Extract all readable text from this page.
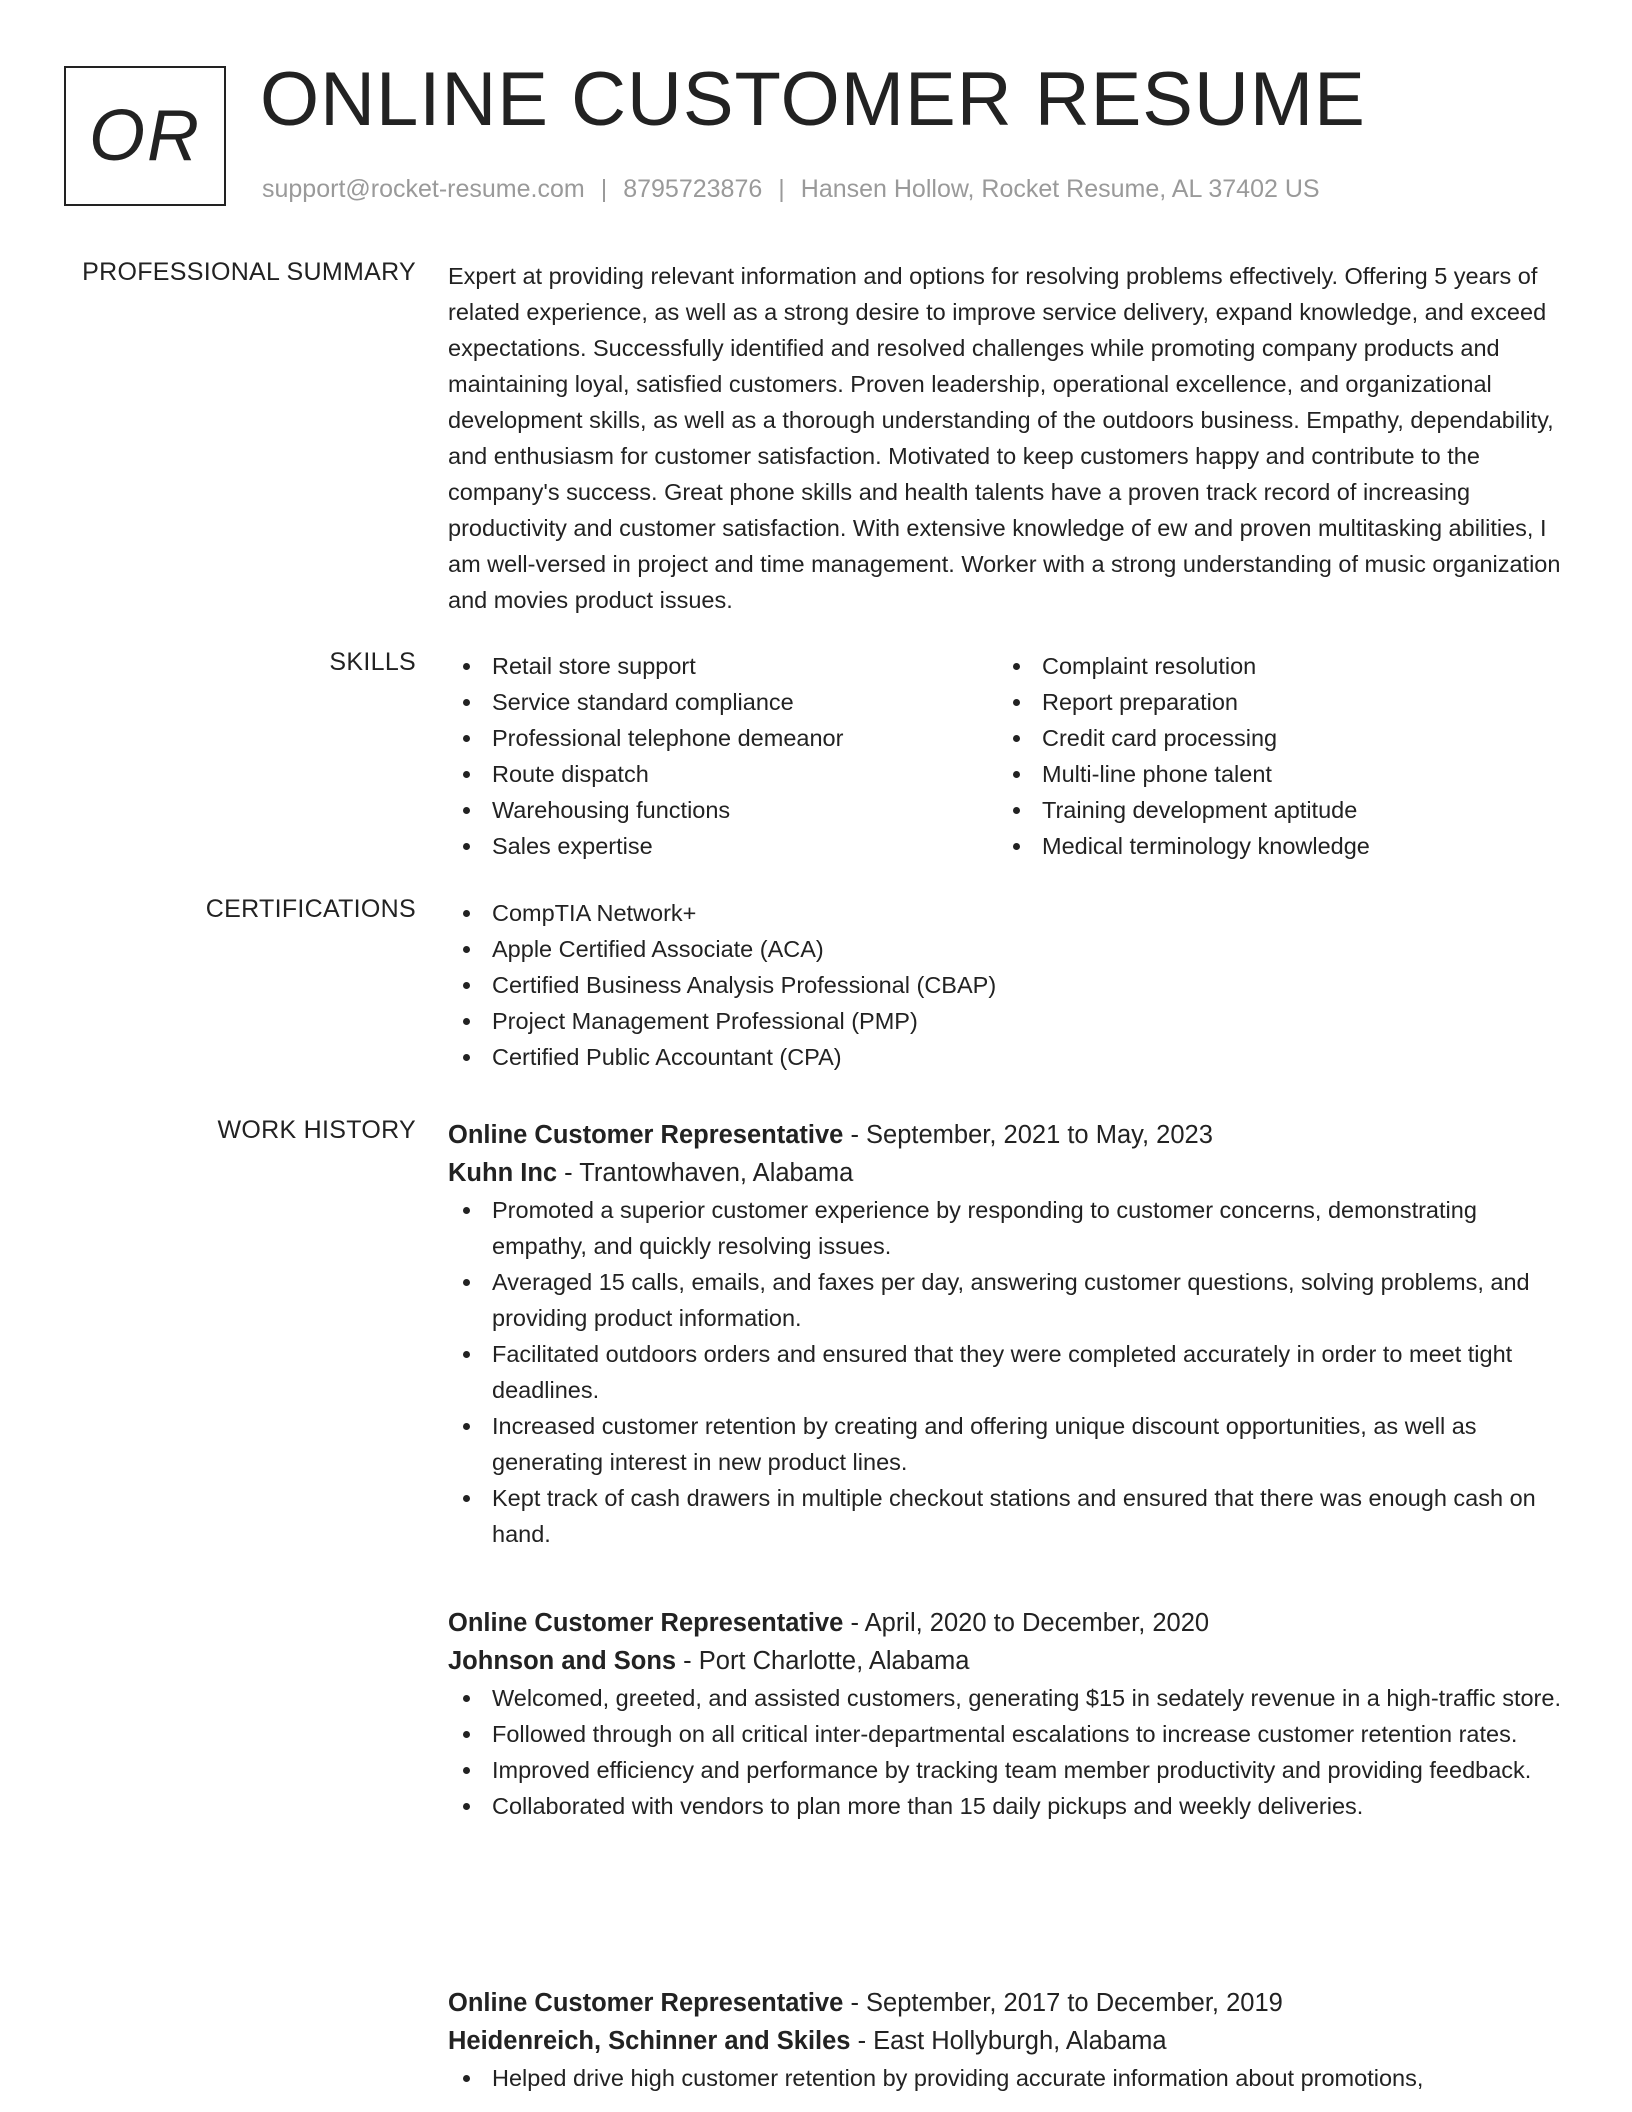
OR ONLINE CUSTOMER RESUME
support@rocket-resume.com | 8795723876 | Hansen Hollow, Rocket Resume, AL 37402 US
PROFESSIONAL SUMMARY Expert at providing relevant information and options for resolving problems effectively. Offering 5 years of related experience, as well as a strong desire to improve service delivery, expand knowledge, and exceed expectations. Successfully identified and resolved challenges while promoting company products and maintaining loyal, satisfied customers. Proven leadership, operational excellence, and organizational development skills, as well as a thorough understanding of the outdoors business. Empathy, dependability, and enthusiasm for customer satisfaction. Motivated to keep customers happy and contribute to the company's success. Great phone skills and health talents have a proven track record of increasing productivity and customer satisfaction. With extensive knowledge of ew and proven multitasking abilities, I am well-versed in project and time management. Worker with a strong understanding of music organization and movies product issues.

SKILLS	Retail store support
Service standard compliance
Professional telephone demeanor
Route dispatch
Warehousing functions
Sales expertise
Complaint resolution
Report preparation
Credit card processing
Multi-line phone talent
Training development aptitude
Medical terminology knowledge
CERTIFICATIONS	CompTIA Network+
Apple Certified Associate (ACA)
Certified Business Analysis Professional (CBAP)
Project Management Professional (PMP)
Certified Public Accountant (CPA)
WORK HISTORY Online Customer Representative - September, 2021 to May, 2023
Kuhn Inc - Trantowhaven, Alabama
Promoted a superior customer experience by responding to customer concerns, demonstrating empathy, and quickly resolving issues.
Averaged 15 calls, emails, and faxes per day, answering customer questions, solving problems, and providing product information.
Facilitated outdoors orders and ensured that they were completed accurately in order to meet tight deadlines.
Increased customer retention by creating and offering unique discount opportunities, as well as generating interest in new product lines.
Kept track of cash drawers in multiple checkout stations and ensured that there was enough cash on hand.
Online Customer Representative - April, 2020 to December, 2020
Johnson and Sons - Port Charlotte, Alabama
Welcomed, greeted, and assisted customers, generating $15 in sedately revenue in a high-traffic store.
Followed through on all critical inter-departmental escalations to increase customer retention rates.
Improved efficiency and performance by tracking team member productivity and providing feedback.
Collaborated with vendors to plan more than 15 daily pickups and weekly deliveries.
Online Customer Representative - September, 2017 to December, 2019
Heidenreich, Schinner and Skiles - East Hollyburgh, Alabama
Helped drive high customer retention by providing accurate information about promotions,
